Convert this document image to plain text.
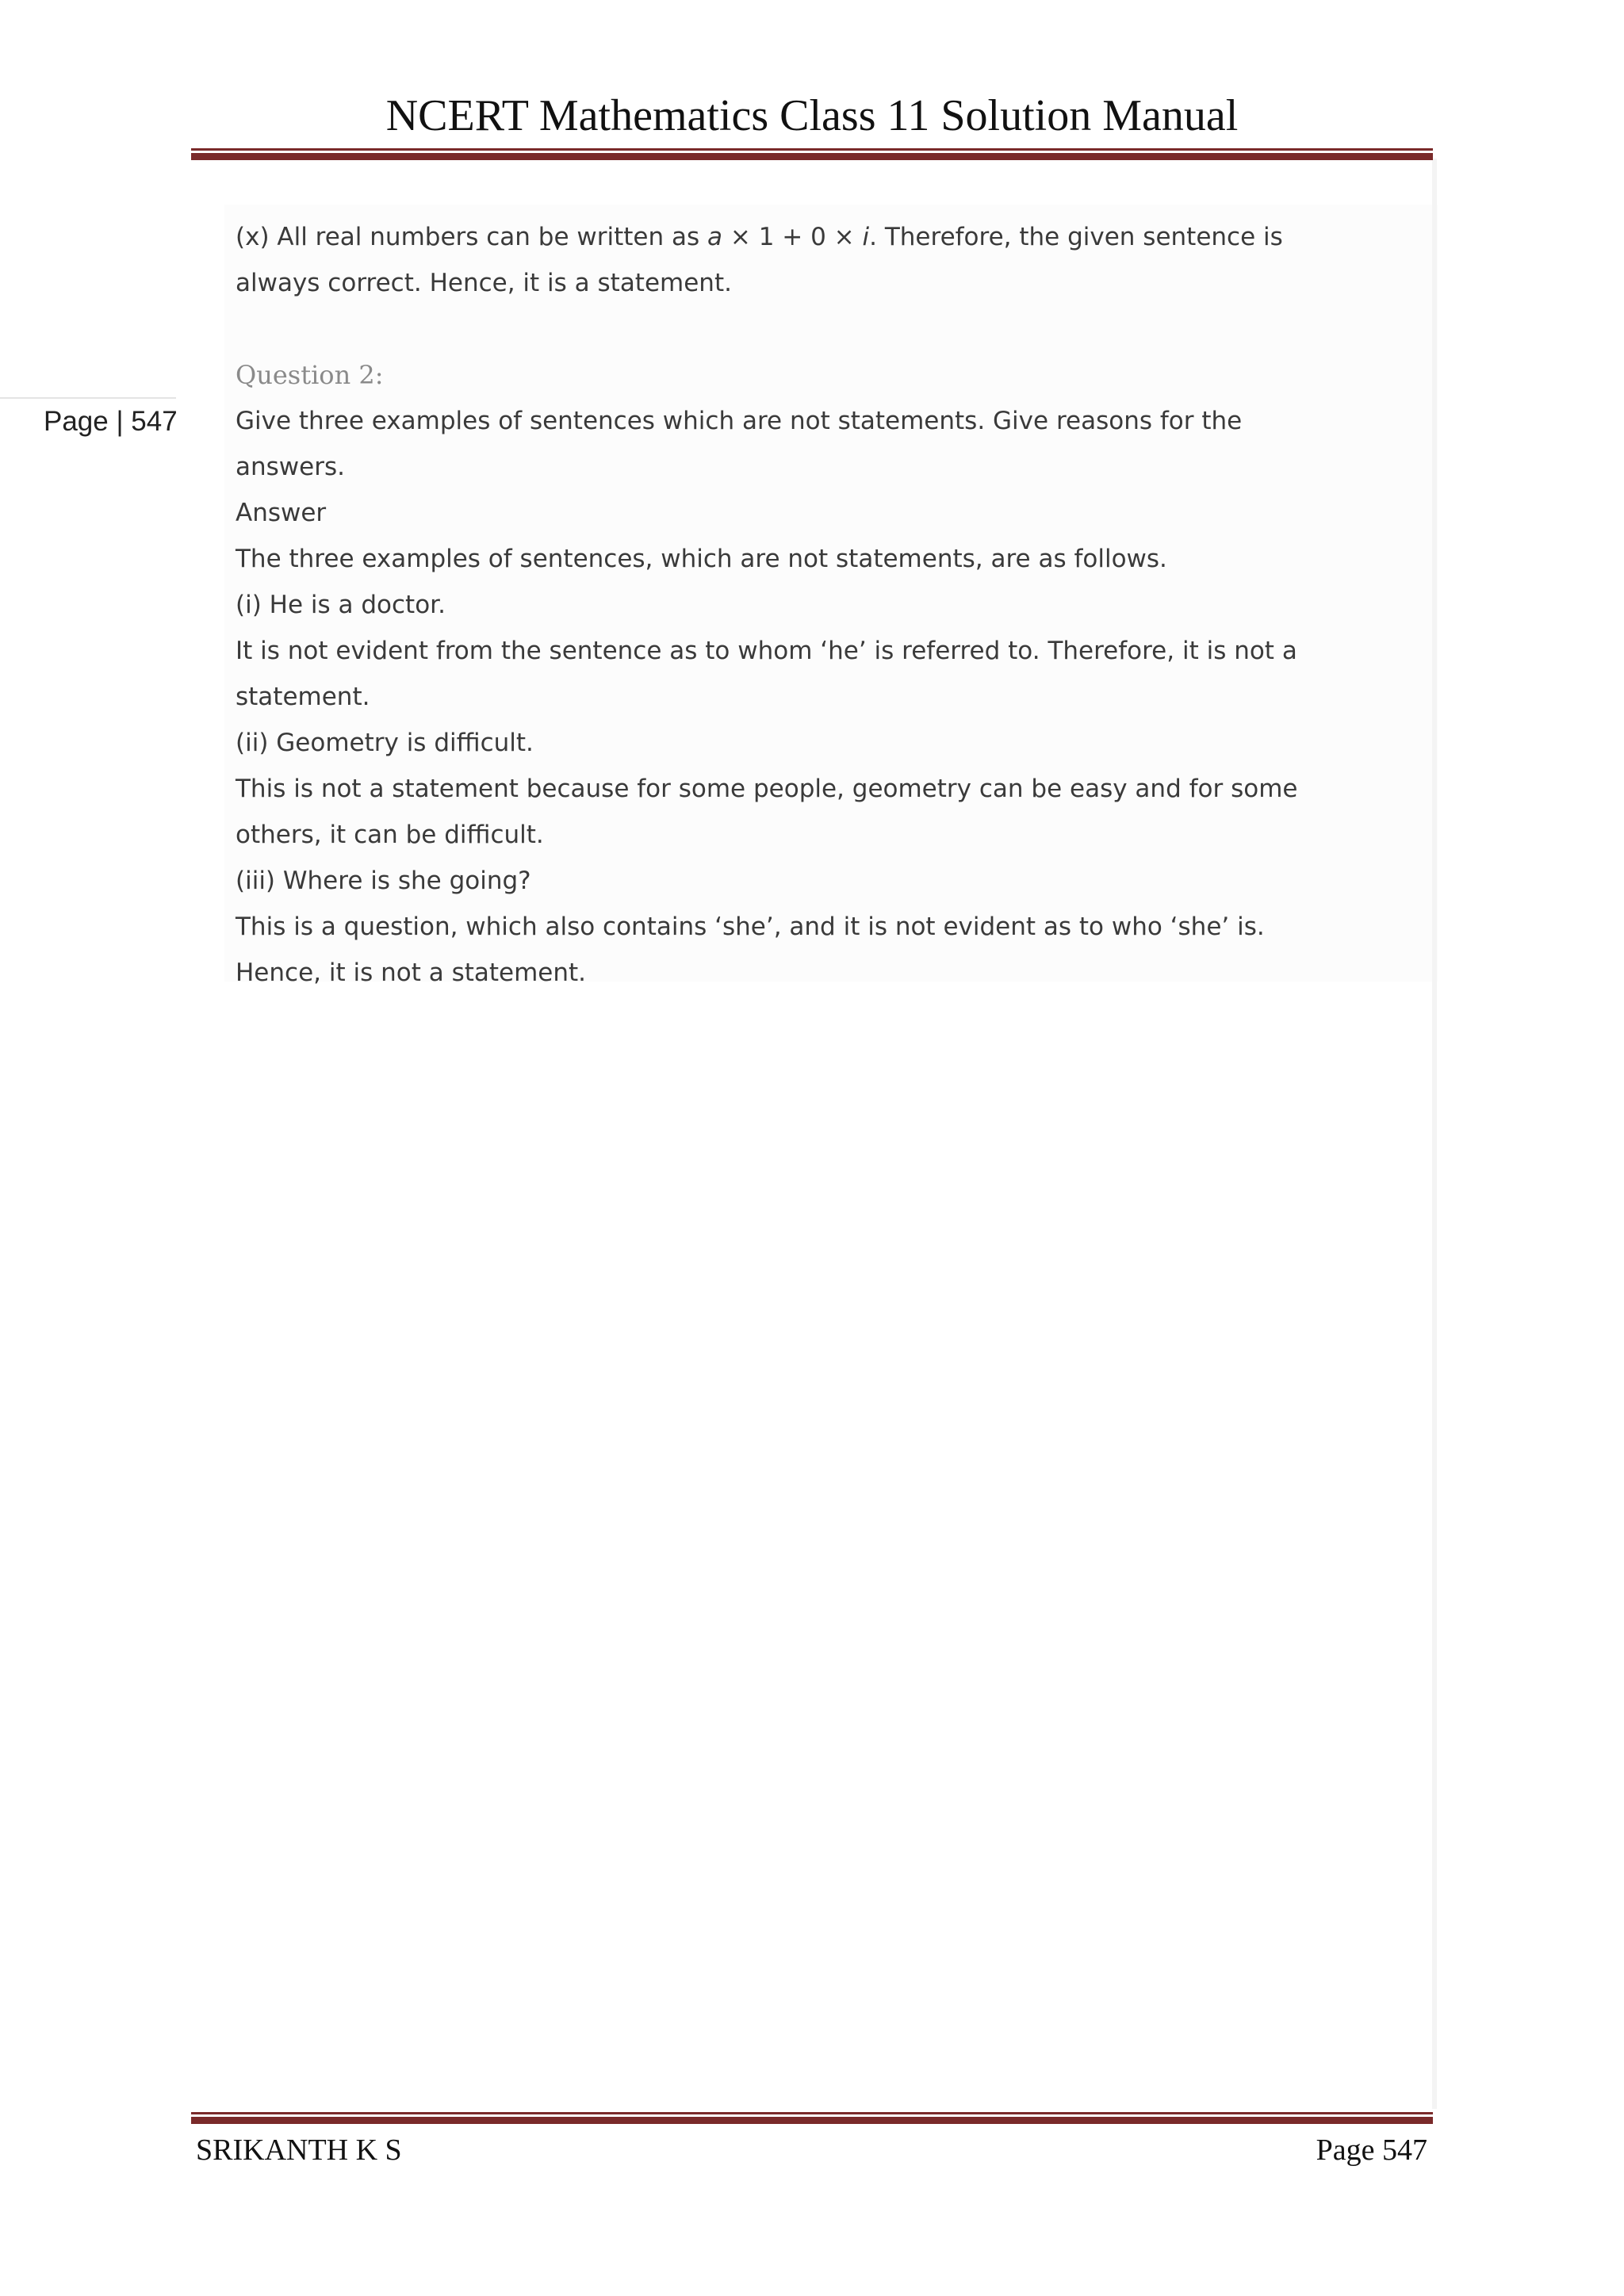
NCERT Mathematics Class 11 Solution Manual
Page | 547

(x) All real numbers can be written as a × 1 + 0 × i. Therefore, the given sentence is

always correct. Hence, it is a statement.

Question 2:

Give three examples of sentences which are not statements. Give reasons for the

answers.

Answer

The three examples of sentences, which are not statements, are as follows.

(i) He is a doctor.

It is not evident from the sentence as to whom ‘he’ is referred to. Therefore, it is not a

statement.

(ii) Geometry is difficult.

This is not a statement because for some people, geometry can be easy and for some

others, it can be difficult.

(iii) Where is she going?

This is a question, which also contains ‘she’, and it is not evident as to who ‘she’ is.

Hence, it is not a statement.

SRIKANTH K S	Page 547
